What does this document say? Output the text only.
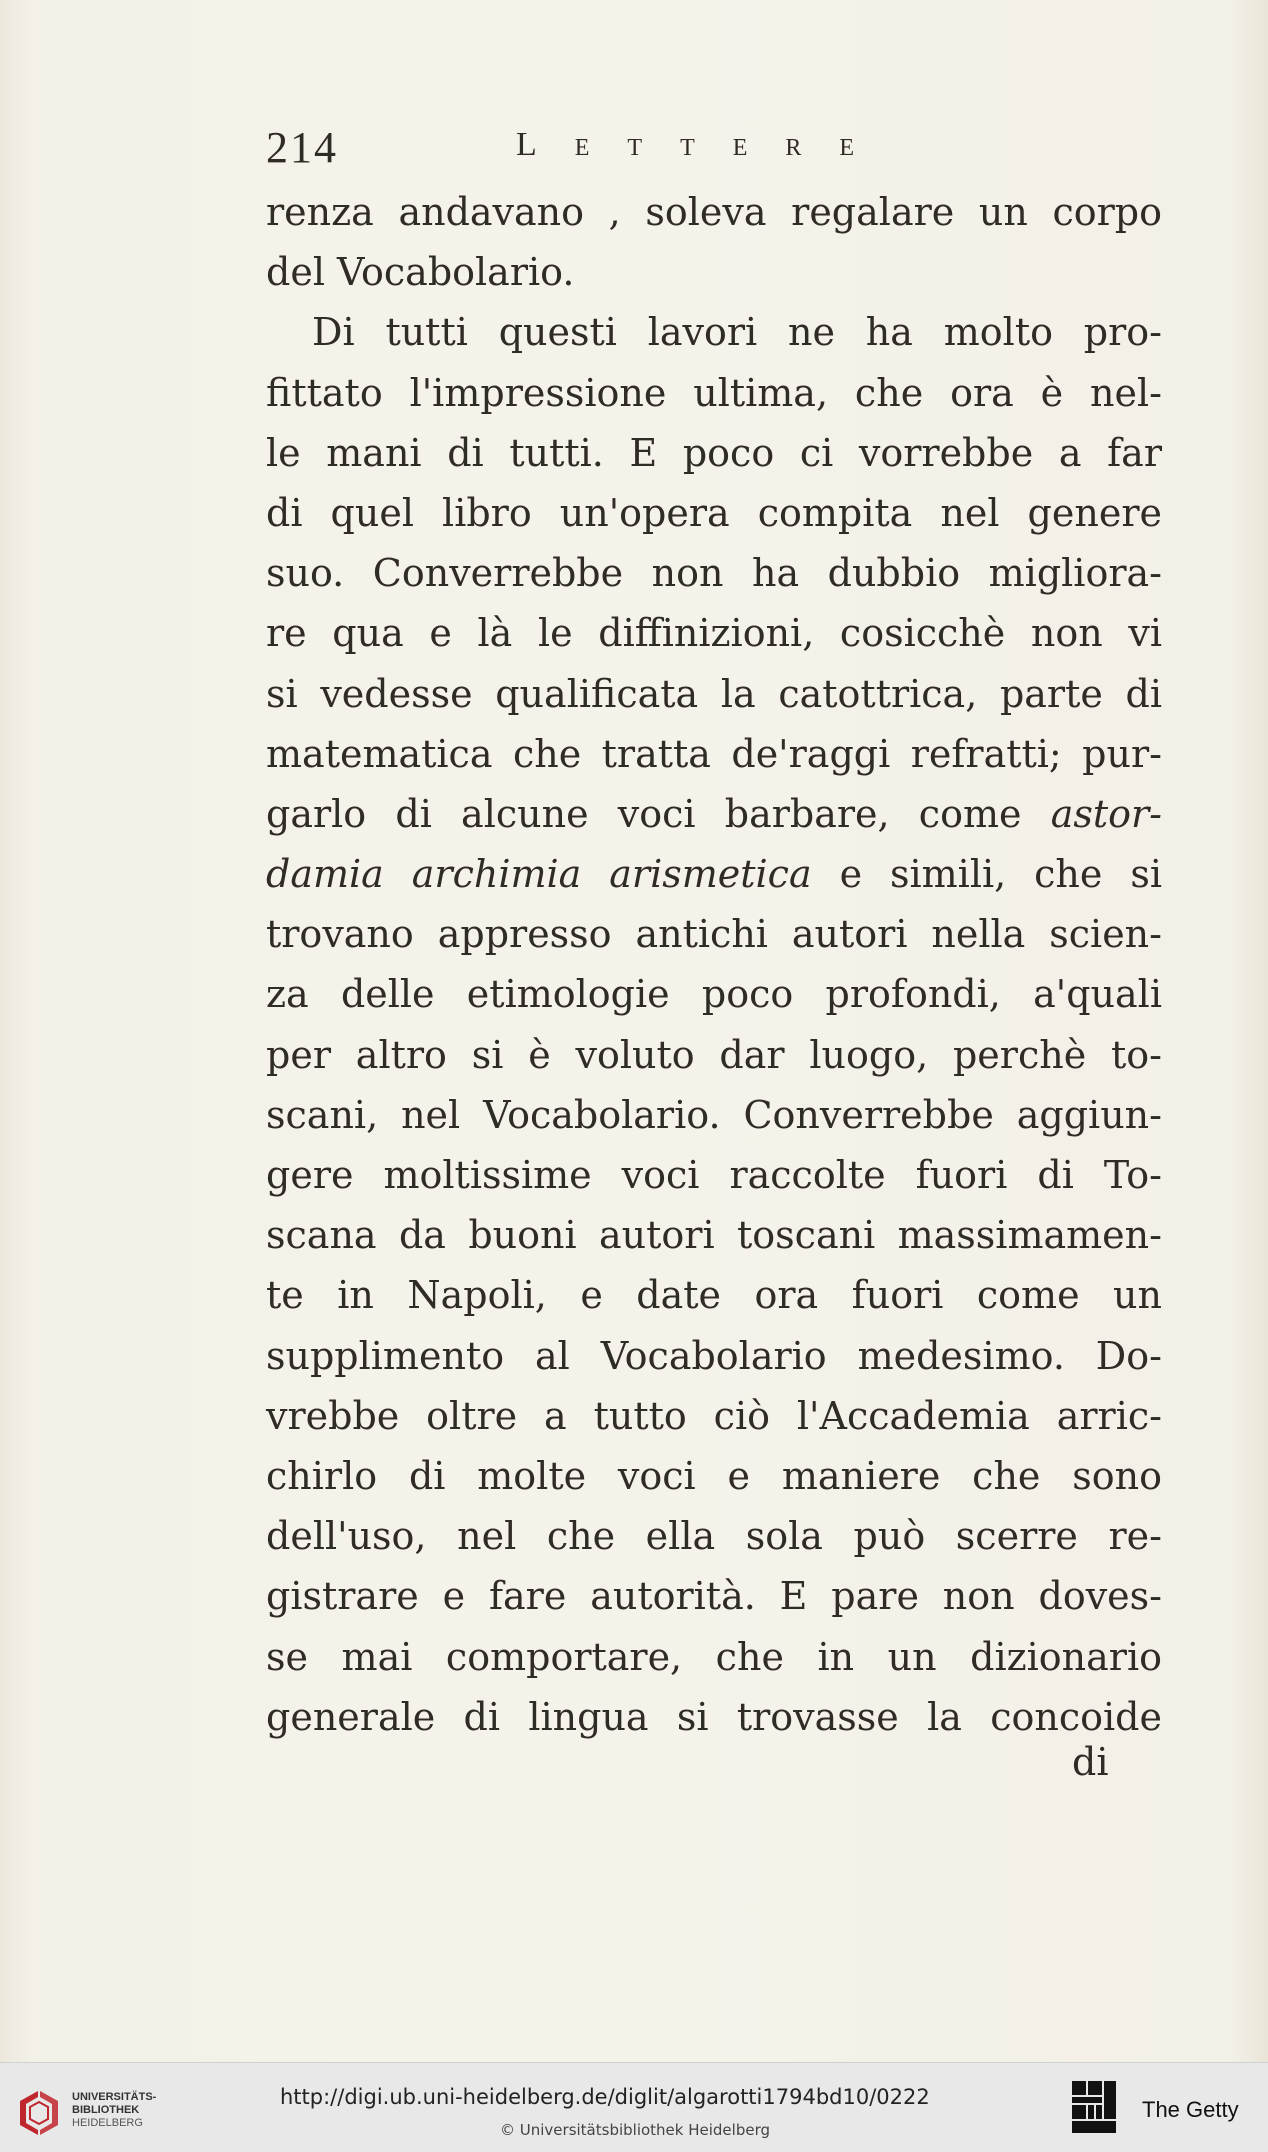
214	Lettere
renza andavano , soleva regalare un corpo
del Vocabolario.
Di tutti questi lavori ne ha molto pro-
fittato l'impressione ultima, che ora è nel-
le mani di tutti. E poco ci vorrebbe a far
di quel libro un'opera compita nel genere
suo. Converrebbe non ha dubbio migliora-
re qua e là le diffinizioni, cosicchè non vi
si vedesse qualificata la catottrica, parte di
matematica che tratta de'raggi refratti; pur-
garlo di alcune voci barbare, come astor-
damia archimia arismetica e simili, che si
trovano appresso antichi autori nella scien-
za delle etimologie poco profondi, a'quali
per altro si è voluto dar luogo, perchè to-
scani, nel Vocabolario. Converrebbe aggiun-
gere moltissime voci raccolte fuori di To-
scana da buoni autori toscani massimamen-
te in Napoli, e date ora fuori come un
supplimento al Vocabolario medesimo. Do-
vrebbe oltre a tutto ciò l'Accademia arric-
chirlo di molte voci e maniere che sono
dell'uso, nel che ella sola può scerre re-
gistrare e fare autorità. E pare non doves-
se mai comportare, che in un dizionario
generale di lingua si trovasse la concoide
di
UNIVERSITÄTS-
BIBLIOTHEK
HEIDELBERG
http://digi.ub.uni-heidelberg.de/diglit/algarotti1794bd10/0222
© Universitätsbibliothek Heidelberg
The Getty
